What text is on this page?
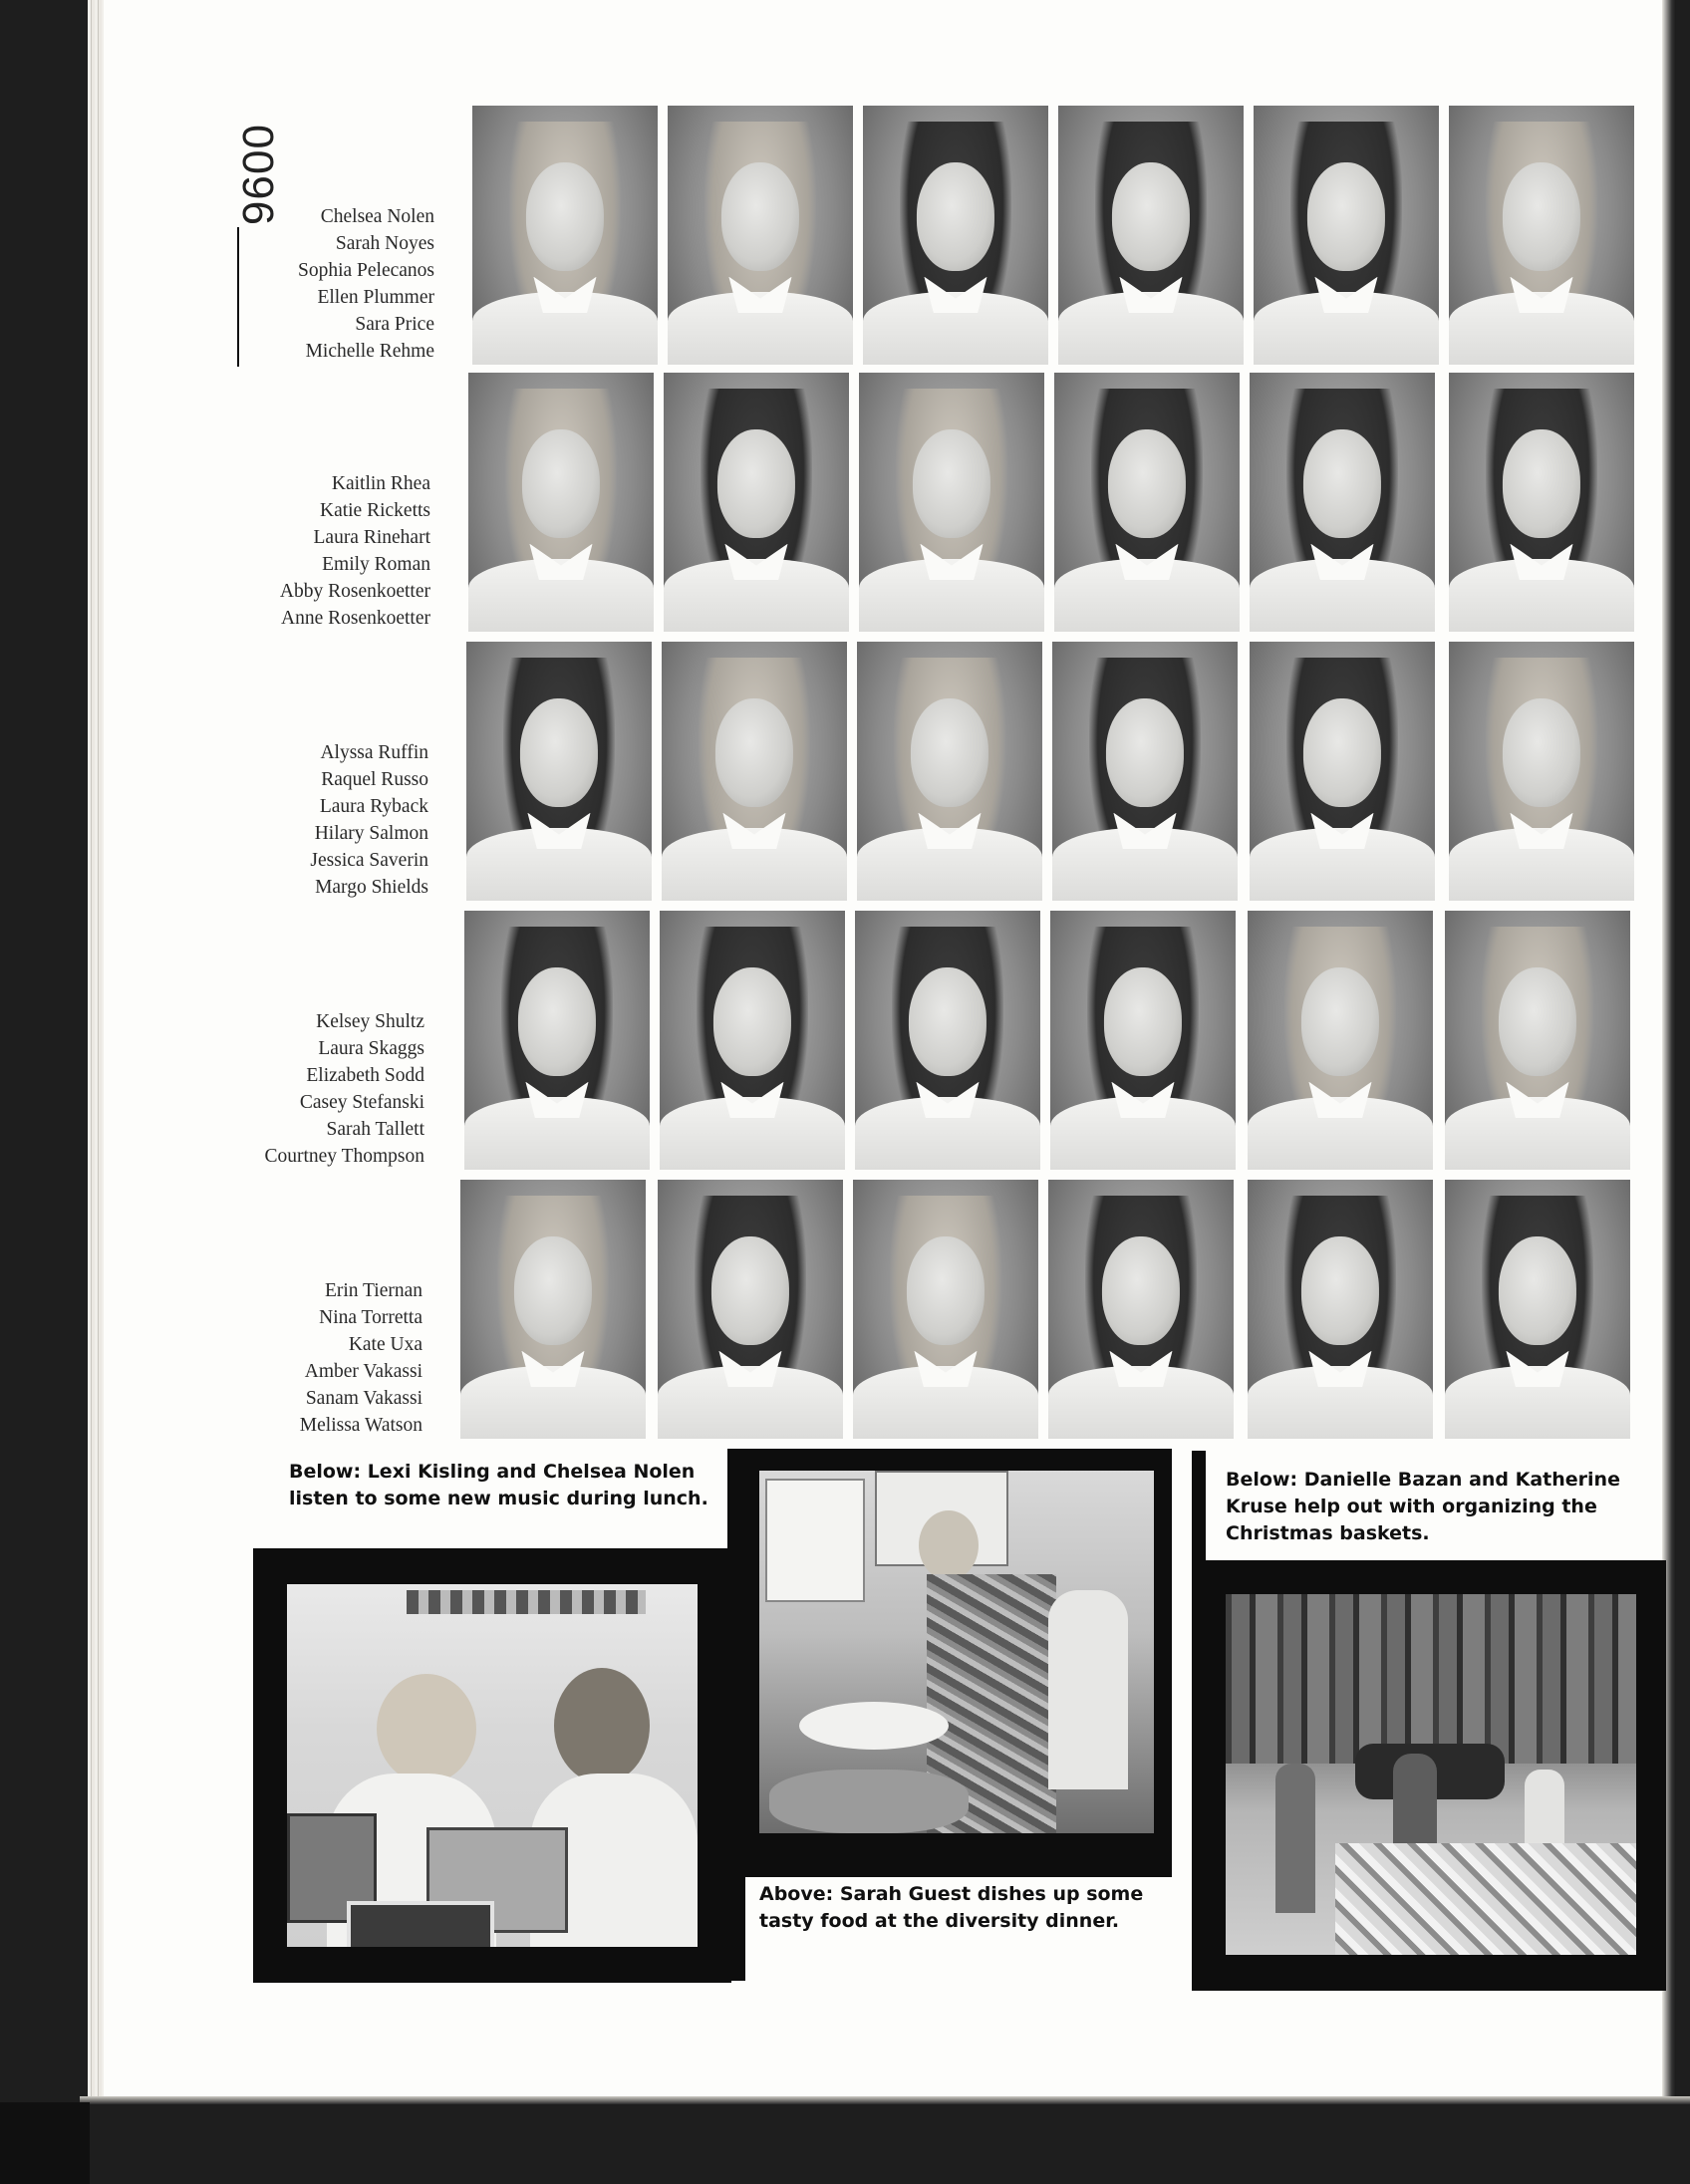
0096	Chelsea Nolen
Sarah Noyes
Sophia Pelecanos
Ellen Plummer
Sara Price
Michelle Rehme
Kaitlin Rhea
Katie Ricketts
Laura Rinehart
Emily Roman
Abby Rosenkoetter
Anne Rosenkoetter
Alyssa Ruffin
Raquel Russo
Laura Ryback
Hilary Salmon
Jessica Saverin
Margo Shields
Kelsey Shultz
Laura Skaggs
Elizabeth Sodd
Casey Stefanski
Sarah Tallett
Courtney Thompson
Erin Tiernan
Nina Torretta
Kate Uxa
Amber Vakassi
Sanam Vakassi
Melissa Watson
Below: Lexi Kisling and Chelsea Nolen listen to some new music during lunch.
Above: Sarah Guest dishes up some tasty food at the diversity dinner.
Below: Danielle Bazan and Katherine Kruse help out with organizing the Christmas baskets.
